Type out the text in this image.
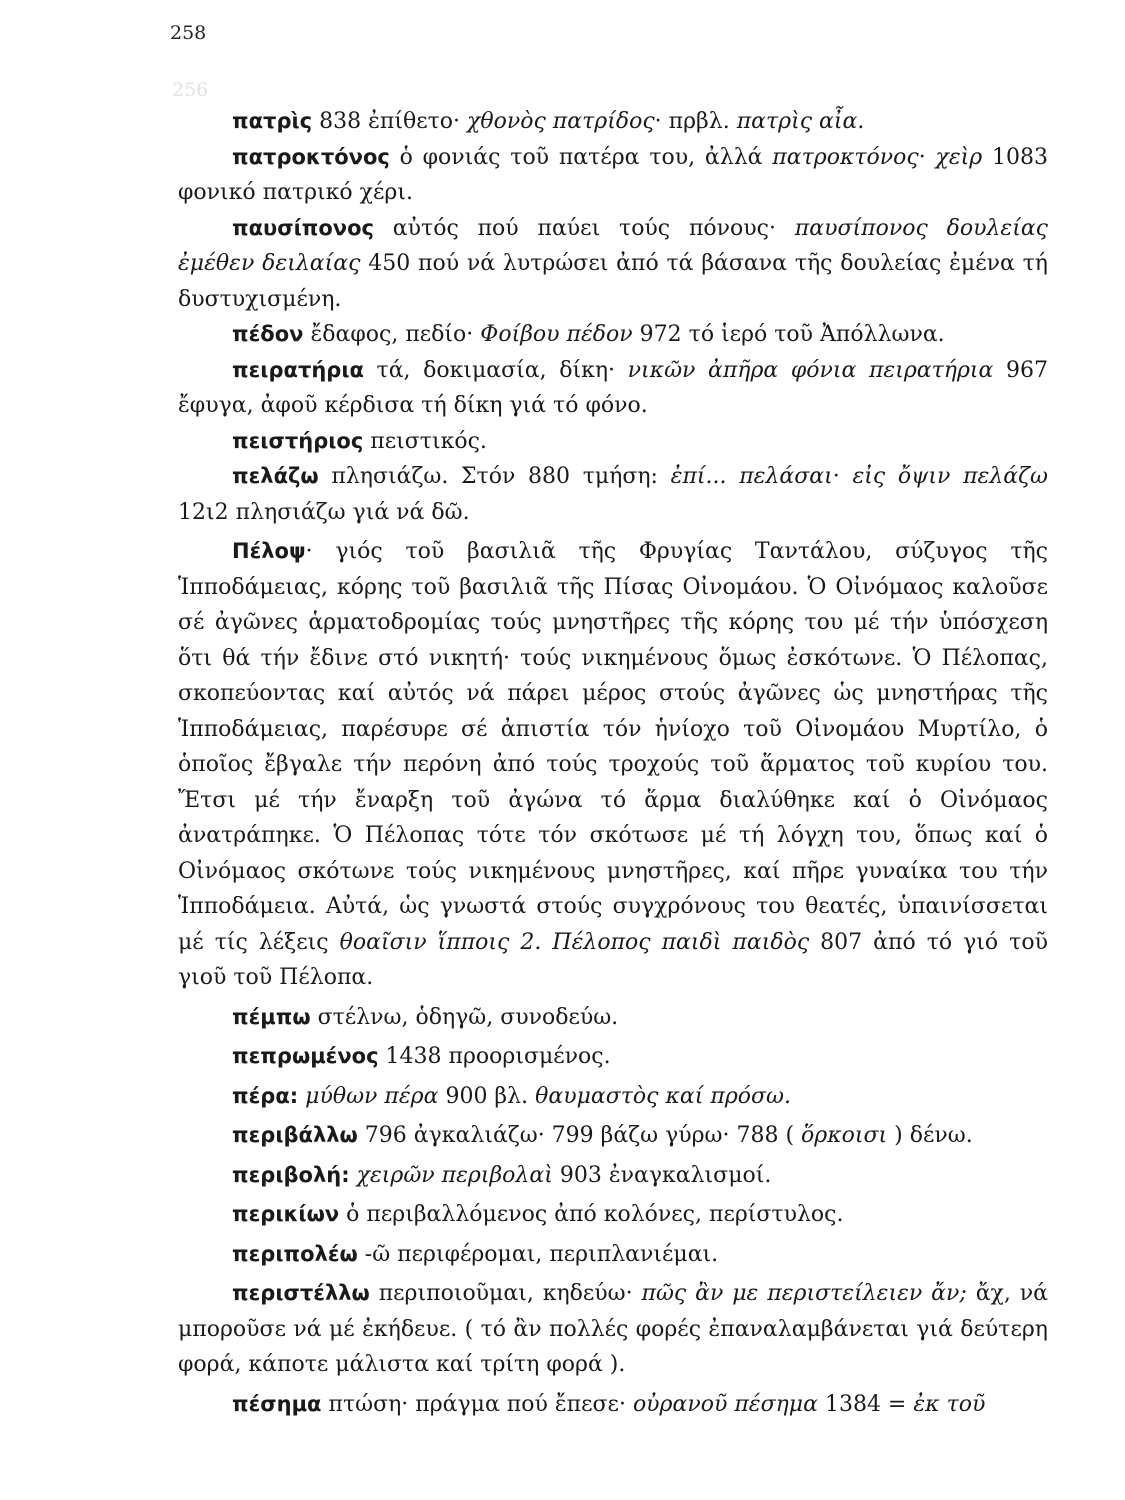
256
258

πατρὶς 838 ἐπίθετο· χθονὸς πατρίδος· πρβλ. πατρὶς αἶα.

πατροκτόνος ὁ φονιάς τοῦ πατέρα του, ἀλλά πατροκτόνος· χεὶρ 1083 φονικό πατρικό χέρι.

παυσίπονος αὐτός πού παύει τούς πόνους· παυσίπονος δουλείας ἐμέθεν δειλαίας 450 πού νά λυτρώσει ἀπό τά βάσανα τῆς δουλείας ἐμένα τή δυστυχισμένη.

πέδον ἔδαφος, πεδίο· Φοίβου πέδον 972 τό ἱερό τοῦ Ἀπόλλωνα.

πειρατήρια τά, δοκιμασία, δίκη· νικῶν ἀπῆρα φόνια πειρατήρια 967 ἔφυγα, ἀφοῦ κέρδισα τή δίκη γιά τό φόνο.

πειστήριος πειστικός.

πελάζω πλησιάζω. Στόν 880 τμήση: ἐπί... πελάσαι· εἰς ὄψιν πελάζω 12ι2 πλησιάζω γιά νά δῶ.

Πέλοψ· γιός τοῦ βασιλιᾶ τῆς Φρυγίας Ταντάλου, σύζυγος τῆς Ἱπποδάμειας, κόρης τοῦ βασιλιᾶ τῆς Πίσας Οἰνομάου. Ὁ Οἰνόμαος καλοῦσε σέ ἀγῶνες ἁρματοδρομίας τούς μνηστῆρες τῆς κόρης του μέ τήν ὑπόσχεση ὅτι θά τήν ἔδινε στό νικητή· τούς νικημένους ὅμως ἐσκότωνε. Ὁ Πέλοπας, σκοπεύοντας καί αὐτός νά πάρει μέρος στούς ἀγῶνες ὡς μνηστήρας τῆς Ἱπποδάμειας, παρέσυρε σέ ἀπιστία τόν ἡνίοχο τοῦ Οἰνομάου Μυρτίλο, ὁ ὁποῖος ἔβγαλε τήν περόνη ἀπό τούς τροχούς τοῦ ἅρματος τοῦ κυρίου του. Ἔτσι μέ τήν ἔναρξη τοῦ ἀγώνα τό ἅρμα διαλύθηκε καί ὁ Οἰνόμαος ἀνατράπηκε. Ὁ Πέλοπας τότε τόν σκότωσε μέ τή λόγχη του, ὅπως καί ὁ Οἰνόμαος σκότωνε τούς νικημένους μνηστῆρες, καί πῆρε γυναίκα του τήν Ἱπποδάμεια. Αὐτά, ὡς γνωστά στούς συγχρόνους του θεατές, ὑπαινίσσεται μέ τίς λέξεις θοαῖσιν ἵπποις 2. Πέλοπος παιδὶ παιδὸς 807 ἀπό τό γιό τοῦ γιοῦ τοῦ Πέλοπα.

πέμπω στέλνω, ὁδηγῶ, συνοδεύω.

πεπρωμένος 1438 προορισμένος.

πέρα: μύθων πέρα 900 βλ. θαυμαστὸς καί πρόσω.

περιβάλλω 796 ἀγκαλιάζω· 799 βάζω γύρω· 788 ( ὅρκοισι ) δένω.

περιβολή: χειρῶν περιβολαὶ 903 ἐναγκαλισμοί.

περικίων ὁ περιβαλλόμενος ἀπό κολόνες, περίστυλος.

περιπολέω -ῶ περιφέρομαι, περιπλανιέμαι.

περιστέλλω περιποιοῦμαι, κηδεύω· πῶς ἂν με περιστείλειεν ἄν; ἄχ, νά μποροῦσε νά μέ ἐκήδευε. ( τό ἂν πολλές φορές ἐπαναλαμβάνεται γιά δεύτερη φορά, κάποτε μάλιστα καί τρίτη φορά ).

πέσημα πτώση· πράγμα πού ἔπεσε· οὐρανοῦ πέσημα 1384 = ἐκ τοῦ
